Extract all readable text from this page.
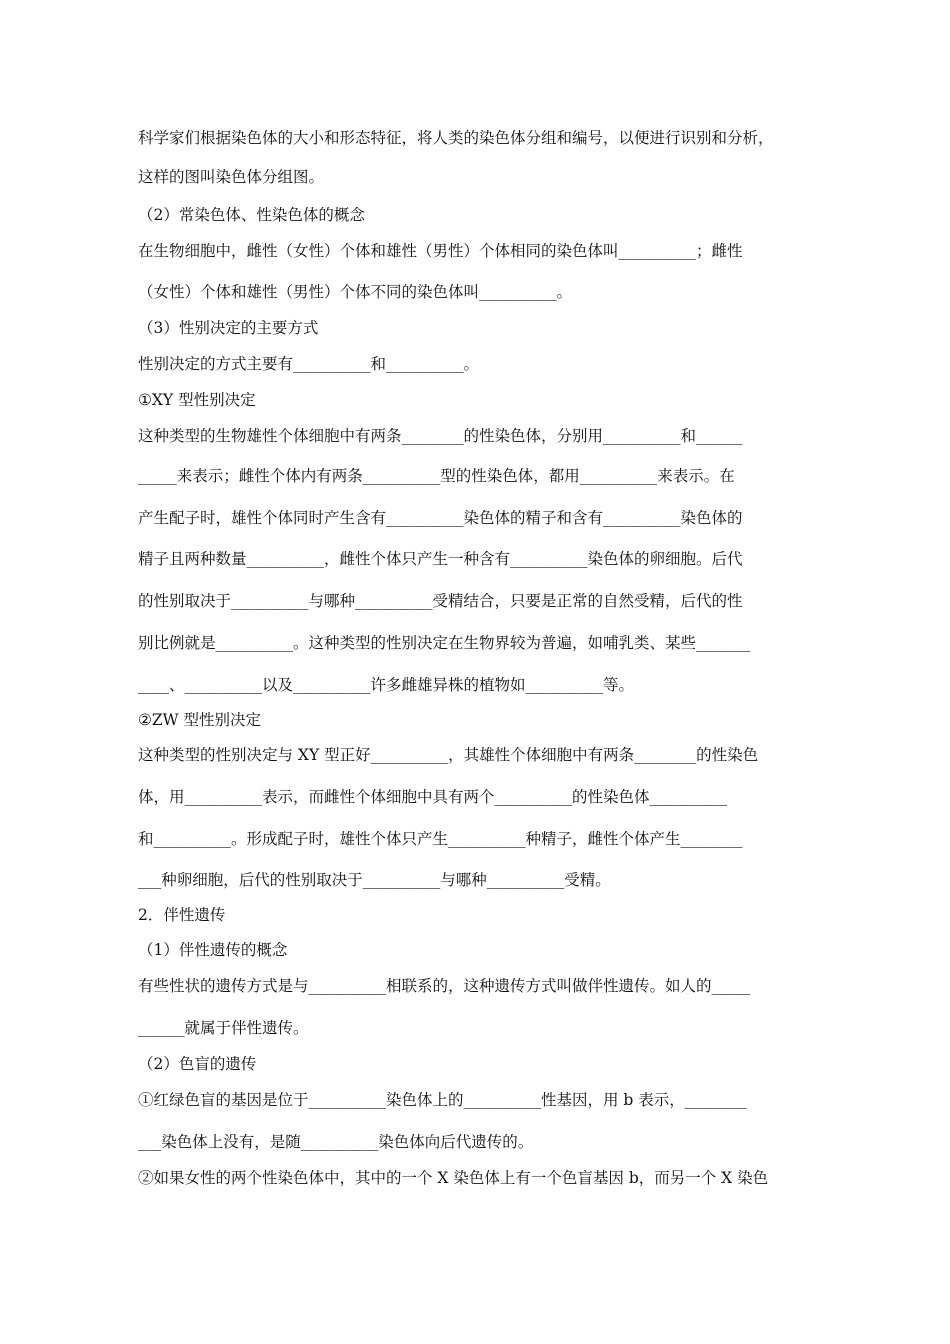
科学家们根据染色体的大小和形态特征，将人类的染色体分组和编号，以便进行识别和分析，
这样的图叫染色体分组图。
（2）常染色体、性染色体的概念
在生物细胞中，雌性（女性）个体和雄性（男性）个体相同的染色体叫__________；雌性
（女性）个体和雄性（男性）个体不同的染色体叫__________。
（3）性别决定的主要方式
性别决定的方式主要有__________和__________。
①XY 型性别决定
这种类型的生物雄性个体细胞中有两条________的性染色体，分别用__________和______
_____来表示；雌性个体内有两条__________型的性染色体，都用__________来表示。在
产生配子时，雄性个体同时产生含有__________染色体的精子和含有__________染色体的
精子且两种数量__________，雌性个体只产生一种含有__________染色体的卵细胞。后代
的性别取决于__________与哪种__________受精结合，只要是正常的自然受精，后代的性
别比例就是__________。这种类型的性别决定在生物界较为普遍，如哺乳类、某些_______
____、__________以及__________许多雌雄异株的植物如__________等。
②ZW 型性别决定
这种类型的性别决定与 XY 型正好__________，其雄性个体细胞中有两条________的性染色
体，用__________表示，而雌性个体细胞中具有两个__________的性染色体__________
和__________。形成配子时，雄性个体只产生__________种精子，雌性个体产生________
___种卵细胞，后代的性别取决于__________与哪种__________受精。
2．伴性遗传
（1）伴性遗传的概念
有些性状的遗传方式是与__________相联系的，这种遗传方式叫做伴性遗传。如人的_____
______就属于伴性遗传。
（2）色盲的遗传
①红绿色盲的基因是位于__________染色体上的__________性基因，用 b 表示，________
___染色体上没有，是随__________染色体向后代遗传的。
②如果女性的两个性染色体中，其中的一个 X 染色体上有一个色盲基因 b，而另一个 X 染色
